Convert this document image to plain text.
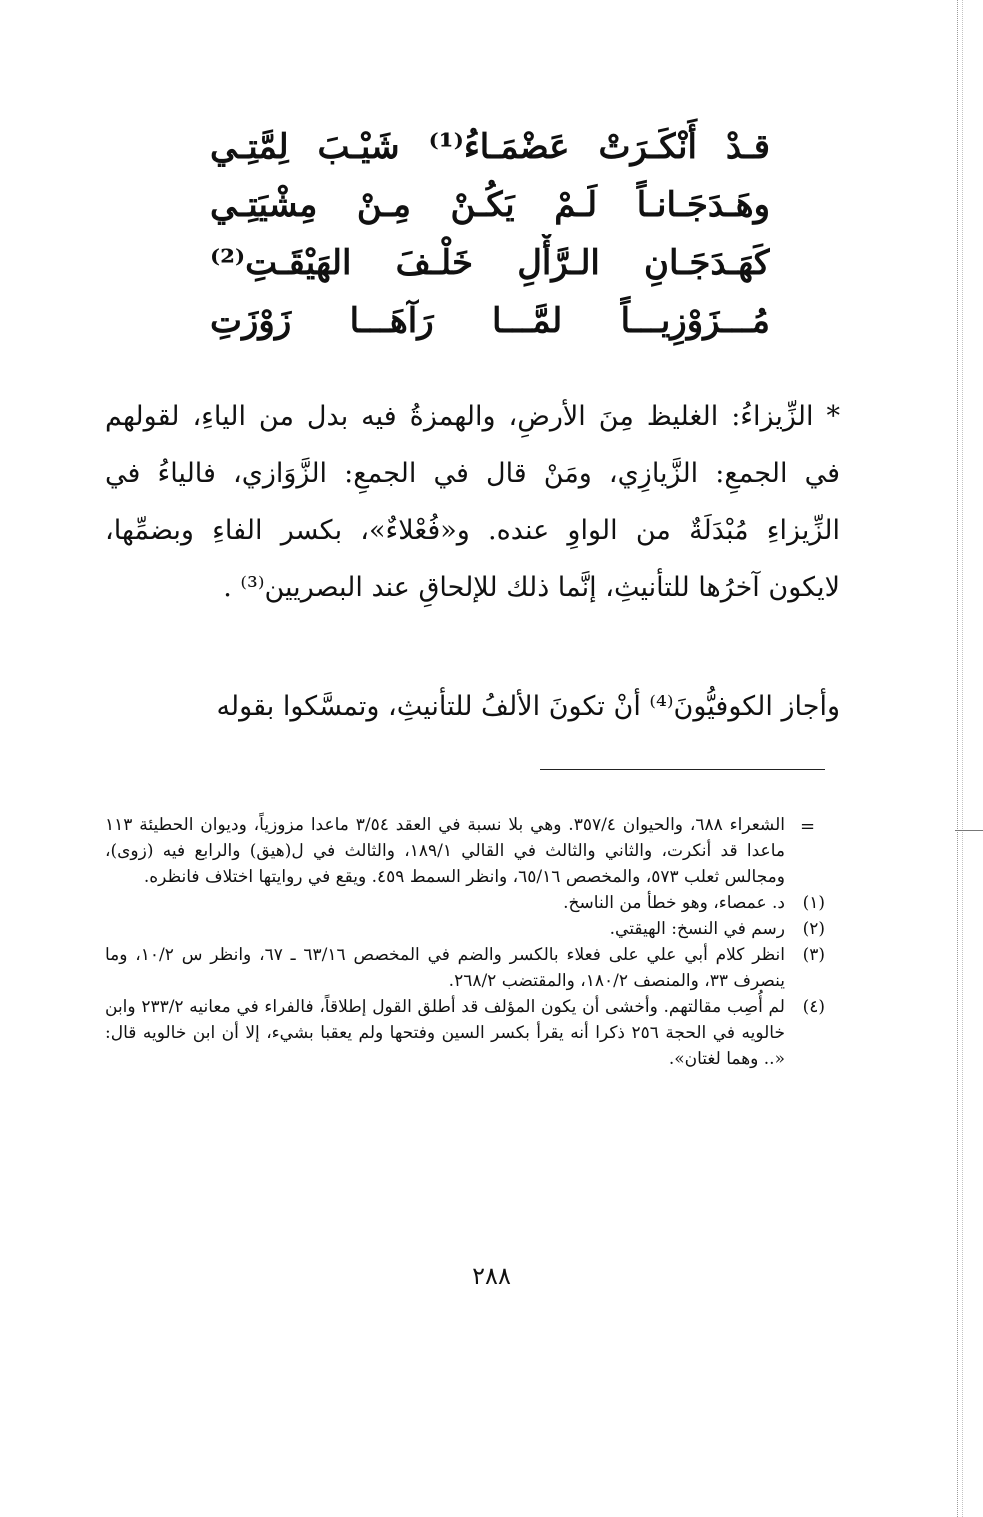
قـدْ أَنْكَـرَتْ عَضْمَـاءُ⁽¹⁾ شَيْـبَ لِمَّتِـي
وهَـدَجَـانـاً لَـمْ يَكُـنْ مِـنْ مِشْيَتِـي
كَهَـدَجَـانِ الـرَّأْلِ خَلْـفَ الهَيْقَـتِ⁽²⁾
مُـــزَوْزِيـــاً لمَّـــا رَآهَـــا زَوْزَتِ
* الزِّيزاءُ: الغليظ مِنَ الأرضِ، والهمزةُ فيه بدل من الياءِ، لقولهم في الجمعِ: الزَّيازِي، ومَنْ قال في الجمعِ: الزَّوَازي، فالياءُ في الزِّيزاءِ مُبْدَلَةٌ من الواوِ عنده. و«فُعْلاءٌ»، بكسر الفاءِ وبضمِّها، لايكون آخرُها للتأنيثِ، إنَّما ذلك للإلحاقِ عند البصريين⁽³⁾ .
وأجاز الكوفيُّونَ⁽⁴⁾ أنْ تكونَ الألفُ للتأنيثِ، وتمسَّكوا بقوله
=
الشعراء ٦٨٨، والحيوان ٣٥٧/٤. وهي بلا نسبة في العقد ٣/٥٤ ماعدا مزوزياً، وديوان الحطيئة ١١٣ ماعدا قد أنكرت، والثاني والثالث في القالي ١٨٩/١، والثالث في ل(هيق) والرابع فيه (زوى)، ومجالس ثعلب ٥٧٣، والمخصص ٦٥/١٦، وانظر السمط ٤٥٩. ويقع في روايتها اختلاف فانظره.
(١)
د. عمصاء، وهو خطأ من الناسخ.
(٢)
رسم في النسخ: الهيقتي.
(٣)
انظر كلام أبي علي على فعلاء بالكسر والضم في المخصص ٦٣/١٦ ـ ٦٧، وانظر س ١٠/٢، وما ينصرف ٣٣، والمنصف ١٨٠/٢، والمقتضب ٢٦٨/٢.
(٤)
لم أُصِب مقالتهم. وأخشى أن يكون المؤلف قد أطلق القول إطلاقاً، فالفراء في معانيه ٢٣٣/٢ وابن خالويه في الحجة ٢٥٦ ذكرا أنه يقرأ بكسر السين وفتحها ولم يعقبا بشيء، إلا أن ابن خالويه قال: «.. وهما لغتان».
٢٨٨
